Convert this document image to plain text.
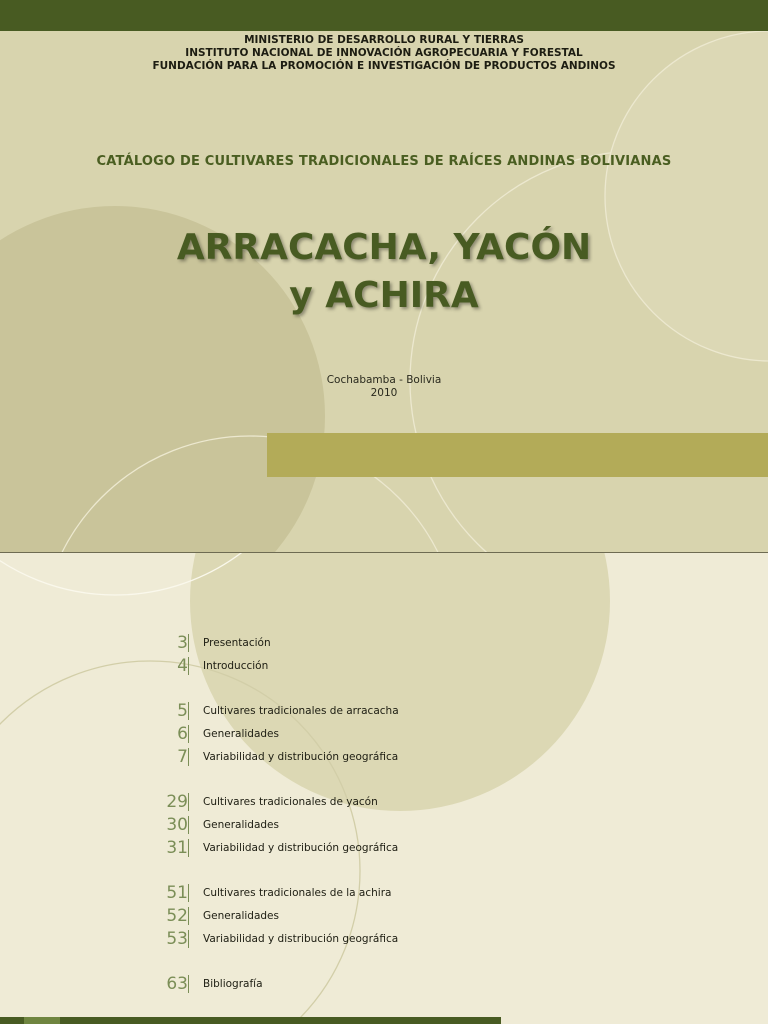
MINISTERIO DE DESARROLLO RURAL Y TIERRAS
INSTITUTO NACIONAL DE INNOVACIÓN AGROPECUARIA Y FORESTAL
FUNDACIÓN PARA LA PROMOCIÓN E INVESTIGACIÓN DE PRODUCTOS ANDINOS
CATÁLOGO DE CULTIVARES TRADICIONALES DE RAÍCES ANDINAS BOLIVIANAS
ARRACACHA, YACÓN
y ACHIRA
Cochabamba - Bolivia
2010
3 Presentación
4 Introducción
5 Cultivares tradicionales de arracacha
6 Generalidades
7 Variabilidad y distribución geográfica
29 Cultivares tradicionales de yacón
30 Generalidades
31 Variabilidad y distribución geográfica
51 Cultivares tradicionales de la achira
52 Generalidades
53 Variabilidad y distribución geográfica
63 Bibliografía
